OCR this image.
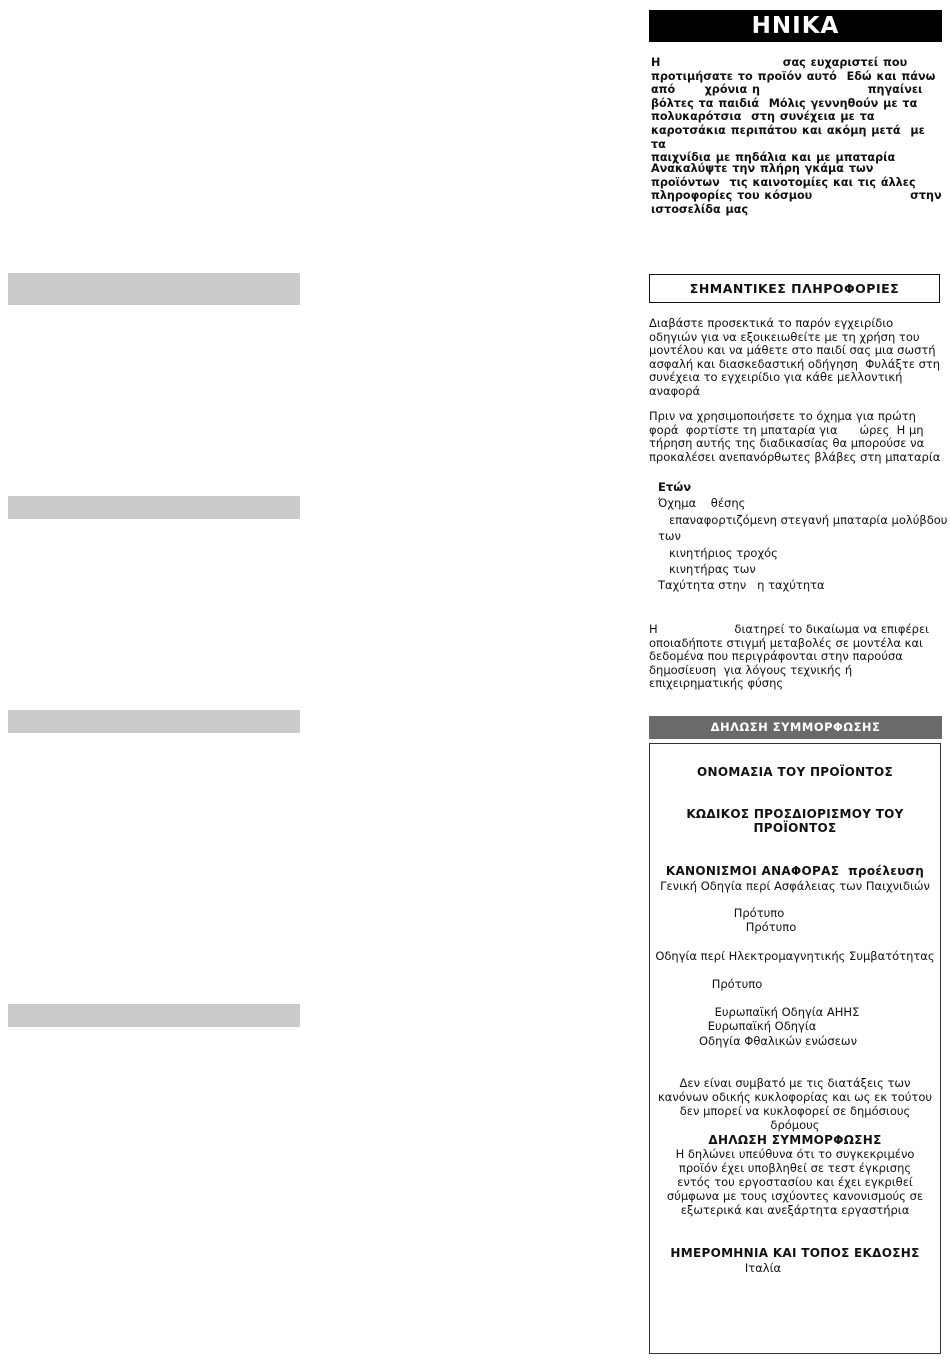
ΗΝΙΚΑ

Η                         σας ευχαριστεί που
προτιμήσατε το προϊόν αυτό  Εδώ και πάνω
από      χρόνια η                      πηγαίνει
βόλτες τα παιδιά  Μόλις γεννηθούν με τα
πολυκαρότσια  στη συνέχεια με τα
καροτσάκια περιπάτου και ακόμη μετά  με τα
παιχνίδια με πηδάλια και με μπαταρία

Ανακαλύψτε την πλήρη γκάμα των
προϊόντων  τις καινοτομίες και τις άλλες
πληροφορίες του κόσμου                    στην
ιστοσελίδα μας

ΣΗΜΑΝΤΙΚΕΣ ΠΛΗΡΟΦΟΡΙΕΣ

Διαβάστε προσεκτικά το παρόν εγχειρίδιο
οδηγιών για να εξοικειωθείτε με τη χρήση του
μοντέλου και να μάθετε στο παιδί σας μια σωστή
ασφαλή και διασκεδαστική οδήγηση  Φυλάξτε στη
συνέχεια το εγχειρίδιο για κάθε μελλοντική
αναφορά

Πριν να χρησιμοποιήσετε το όχημα για πρώτη
φορά  φορτίστε τη μπαταρία για      ώρες  Η μη
τήρηση αυτής της διαδικασίας θα μπορούσε να
προκαλέσει ανεπανόρθωτες βλάβες στη μπαταρία

Ετών
Όχημα    θέσης
επαναφορτιζόμενη στεγανή μπαταρία μολύβδου
των
κινητήριος τροχός
κινητήρας των
Ταχύτητα στην   η ταχύτητα

Η                     διατηρεί το δικαίωμα να επιφέρει
οποιαδήποτε στιγμή μεταβολές σε μοντέλα και
δεδομένα που περιγράφονται στην παρούσα
δημοσίευση  για λόγους τεχνικής ή
επιχειρηματικής φύσης

ΔΗΛΩΣΗ ΣΥΜΜΟΡΦΩΣΗΣ
ΟΝΟΜΑΣΙΑ ΤΟΥ ΠΡΟΪΟΝΤΟΣ
ΚΩΔΙΚΟΣ ΠΡΟΣΔΙΟΡΙΣΜΟΥ ΤΟΥ
ΠΡΟΪΟΝΤΟΣ
ΚΑΝΟΝΙΣΜΟΙ ΑΝΑΦΟΡΑΣ  προέλευση
Γενική Οδηγία περί Ασφάλειας των Παιχνιδιών
Πρότυπο
Πρότυπο
Οδηγία περί Ηλεκτρομαγνητικής Συμβατότητας
Πρότυπο
Ευρωπαϊκή Οδηγία ΑΗΗΣ
Ευρωπαϊκή Οδηγία
Οδηγία Φθαλικών ενώσεων
Δεν είναι συμβατό με τις διατάξεις των κανόνων οδικής κυκλοφορίας και ως εκ τούτου δεν μπορεί να κυκλοφορεί σε δημόσιους δρόμους
ΔΗΛΩΣΗ ΣΥΜΜΟΡΦΩΣΗΣ
Η δηλώνει υπεύθυνα ότι το συγκεκριμένο προϊόν έχει υποβληθεί σε τεστ έγκρισης εντός του εργοστασίου και έχει εγκριθεί σύμφωνα με τους ισχύοντες κανονισμούς σε εξωτερικά και ανεξάρτητα εργαστήρια
ΗΜΕΡΟΜΗΝΙΑ ΚΑΙ ΤΟΠΟΣ ΕΚΔΟΣΗΣ
Ιταλία
